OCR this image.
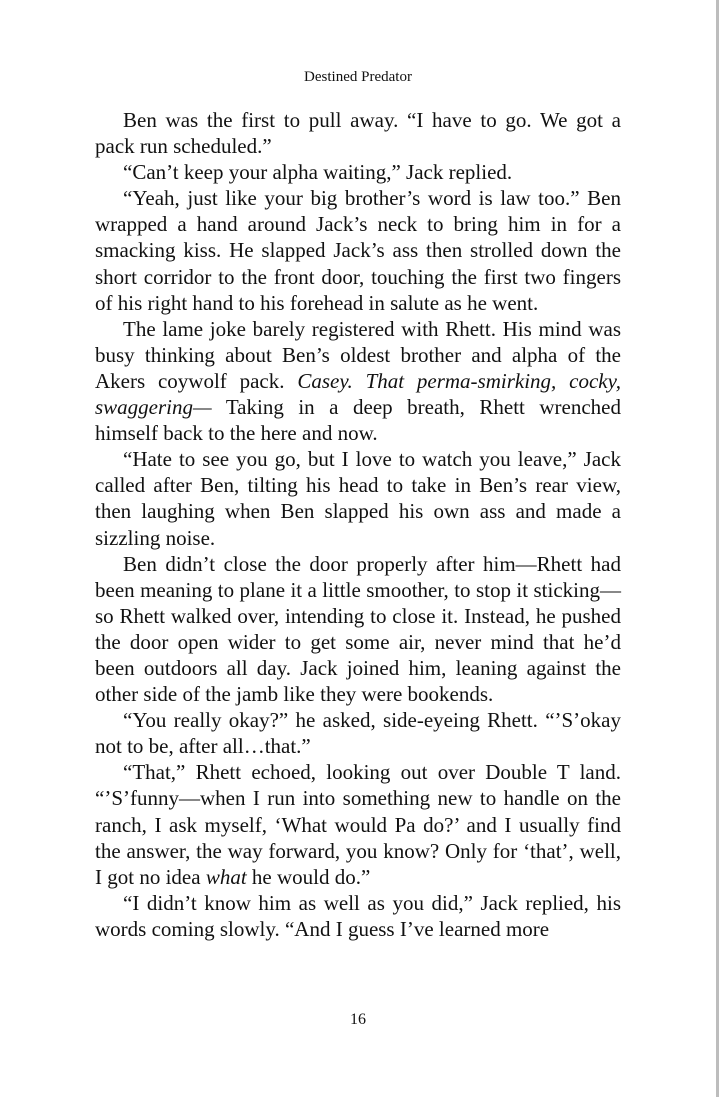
Destined Predator

Ben was the first to pull away. “I have to go. We got a pack run scheduled.”

“Can’t keep your alpha waiting,” Jack replied.

“Yeah, just like your big brother’s word is law too.” Ben wrapped a hand around Jack’s neck to bring him in for a smacking kiss. He slapped Jack’s ass then strolled down the short corridor to the front door, touching the first two fingers of his right hand to his forehead in salute as he went.

The lame joke barely registered with Rhett. His mind was busy thinking about Ben’s oldest brother and alpha of the Akers coywolf pack. Casey. That perma-smirking, cocky, swaggering— Taking in a deep breath, Rhett wrenched himself back to the here and now.

“Hate to see you go, but I love to watch you leave,” Jack called after Ben, tilting his head to take in Ben’s rear view, then laughing when Ben slapped his own ass and made a sizzling noise.

Ben didn’t close the door properly after him—Rhett had been meaning to plane it a little smoother, to stop it sticking—so Rhett walked over, intending to close it. Instead, he pushed the door open wider to get some air, never mind that he’d been outdoors all day. Jack joined him, leaning against the other side of the jamb like they were bookends.

“You really okay?” he asked, side-eyeing Rhett. “’S’okay not to be, after all…that.”

“That,” Rhett echoed, looking out over Double T land. “’S’funny—when I run into something new to handle on the ranch, I ask myself, ‘What would Pa do?’ and I usually find the answer, the way forward, you know? Only for ‘that’, well, I got no idea what he would do.”

“I didn’t know him as well as you did,” Jack replied, his words coming slowly. “And I guess I’ve learned more

16
